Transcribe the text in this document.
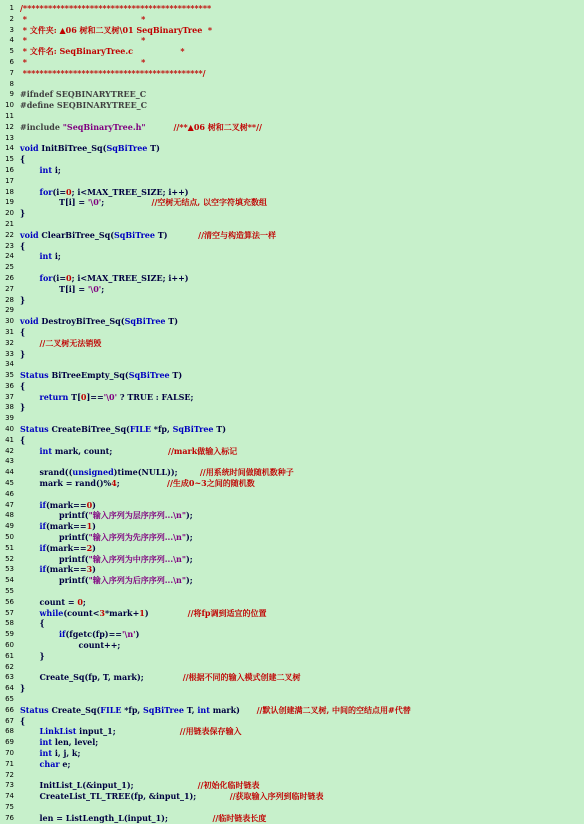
1 /*********************************************
2 *                                         *
3 * 文件夹: ▲06 树和二叉树\01 SeqBinaryTree  *
4 *                                         *
5 * 文件名: SeqBinaryTree.c                 *
6 *                                         *
7 *******************************************/
8
9 #ifndef SEQBINARYTREE_C
10 #define SEQBINARYTREE_C
11
12 #include "SeqBinaryTree.h"	//**▲06 树和二叉树**//
13
14 void InitBiTree_Sq(SqBiTree T)
15 {
16	int i;
17
18	for(i=0; i<MAX_TREE_SIZE; i++)
19 T[i] = '\0';                 //空树无结点, 以空字符填充数组
20 }
21
22 void ClearBiTree_Sq(SqBiTree T)           //清空与构造算法一样
23 {
24	int i;
25
26	for(i=0; i<MAX_TREE_SIZE; i++)
27 T[i] = '\0';
28 }
29
30 void DestroyBiTree_Sq(SqBiTree T)
31 {
32	//二叉树无法销毁
33 }
34
35 Status BiTreeEmpty_Sq(SqBiTree T)
36 {
37	return T[0]=='\0' ? TRUE : FALSE;
38 }
39
40 Status CreateBiTree_Sq(FILE *fp, SqBiTree T)
41 {
42	int mark, count;                    //mark做输入标记
43
44 srand((unsigned)time(NULL));        //用系统时间做随机数种子
45 mark = rand()%4;                 //生成0~3之间的随机数
46
47	if(mark==0)
48 printf("输入序列为层序序列...\n");
49	if(mark==1)
50 printf("输入序列为先序序列...\n");
51	if(mark==2)
52 printf("输入序列为中序序列...\n");
53	if(mark==3)
54 printf("输入序列为后序序列...\n");
55
56 count = 0;
57	while(count<3*mark+1)              //将fp调到适宜的位置
58 {
59	if(fgetc(fp)=='\n')
60 count++;
61 }
62
63 Create_Sq(fp, T, mark);              //根据不同的输入模式创建二叉树
64 }
65
66 Status Create_Sq(FILE *fp, SqBiTree T, int mark)      //默认创建满二叉树, 中间的空结点用#代替
67 {
68	LinkList input_1;                       //用链表保存输入
69	int len, level;
70	int i, j, k;
71	char e;
72
73 InitList_L(&input_1);                       //初始化临时链表
74 CreateList_TL_TREE(fp, &input_1);            //获取输入序列到临时链表
75
76 len = ListLength_L(input_1);                //临时链表长度
